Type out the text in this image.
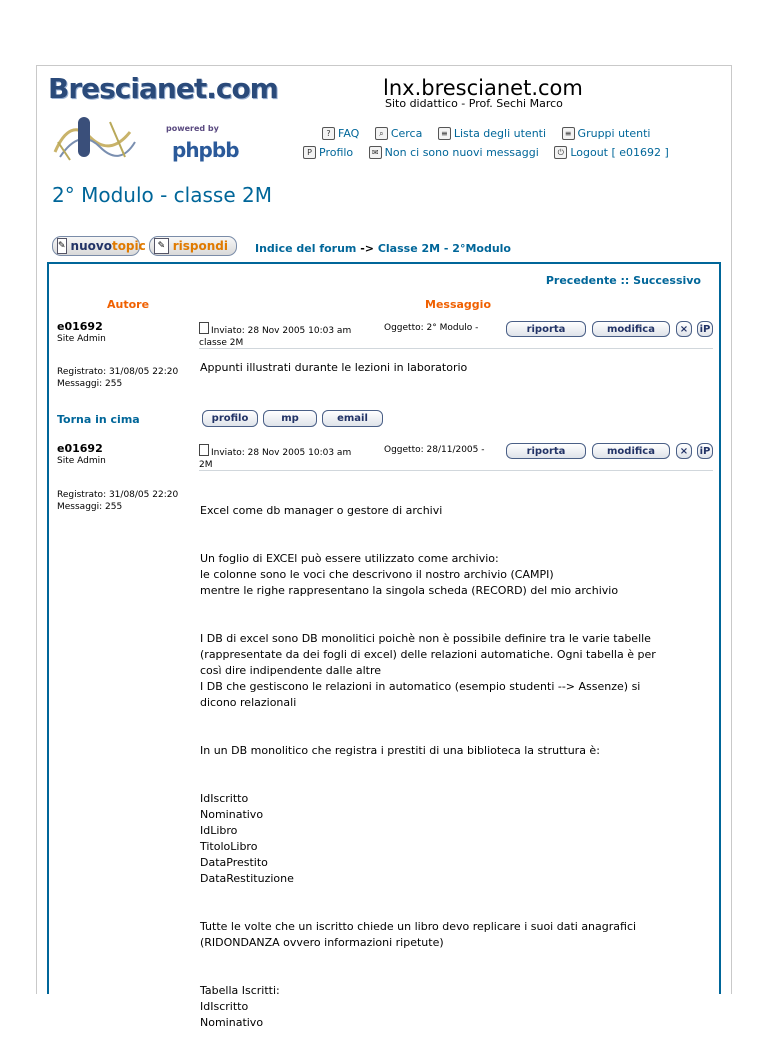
Brescianet.com
powered by
phpbb
lnx.brescianet.com
Sito didattico - Prof. Sechi Marco
? FAQ
	⌕ Cerca
	≡ Lista degli utenti
	≡ Gruppi utenti
P Profilo
	✉ Non ci sono nuovi messaggi
	⏻ Logout [ e01692 ]
2° Modulo - classe 2M
✎ nuovo topic	✎ rispondi Indice del forum -> Classe 2M - 2°Modulo
Precedente :: Successivo
Autore	Messaggio
e01692
Site Admin
Inviato: 28 Nov 2005 10:03 am
classe 2M
Oggetto: 2° Modulo -	riporta	modifica × iP
Registrato: 31/08/05 22:20
Messaggi: 255

Appunti illustrati durante le lezioni in laboratorio

Torna in cima	profilo	mp	email
e01692
Site Admin
Inviato: 28 Nov 2005 10:03 am
2M
Oggetto: 28/11/2005 -	riporta	modifica × iP
Registrato: 31/08/05 22:20
Messaggi: 255	Excel come db manager o gestore di archivi

Un foglio di EXCEl può essere utilizzato come archivio:
le colonne sono le voci che descrivono il nostro archivio (CAMPI)
mentre le righe rappresentano la singola scheda (RECORD) del mio archivio

I DB di excel sono DB monolitici poichè non è possibile definire tra le varie tabelle (rappresentate da dei fogli di excel) delle relazioni automatiche. Ogni tabella è per così dire indipendente dalle altre
I DB che gestiscono le relazioni in automatico (esempio studenti --> Assenze) si dicono relazionali

In un DB monolitico che registra i prestiti di una biblioteca la struttura è:

IdIscritto
Nominativo
IdLibro
TitoloLibro
DataPrestito
DataRestituzione

Tutte le volte che un iscritto chiede un libro devo replicare i suoi dati anagrafici (RIDONDANZA ovvero informazioni ripetute)

Tabella Iscritti:
IdIscritto
Nominativo
